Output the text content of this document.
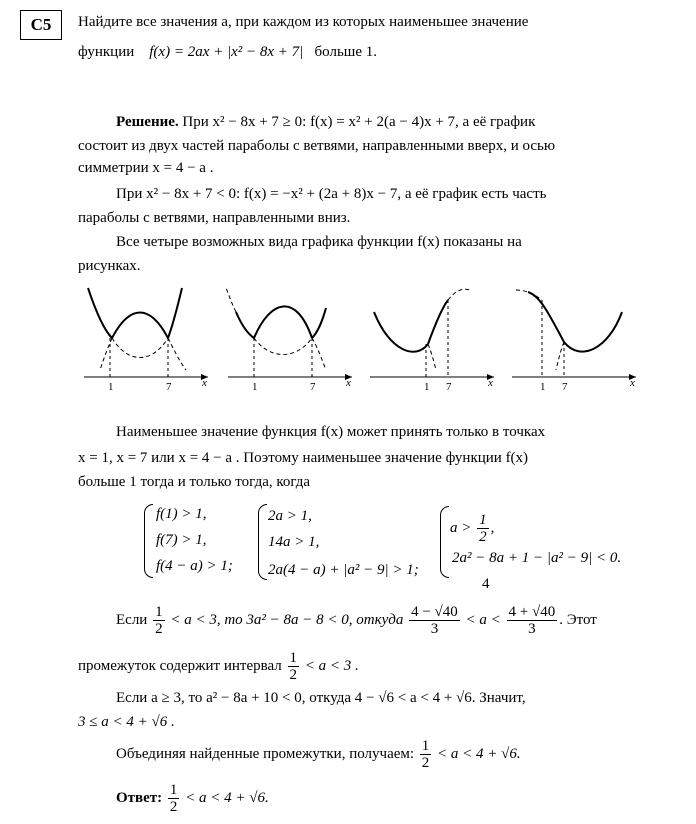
C5	Найдите все значения a, при каждом из которых наименьшее значение
функции f(x) = 2ax + |x² − 8x + 7| больше 1.
Решение. При x² − 8x + 7 ≥ 0: f(x) = x² + 2(a − 4)x + 7, а её график
состоит из двух частей параболы с ветвями, направленными вверх, и осью
симметрии x = 4 − a .
При x² − 8x + 7 < 0: f(x) = −x² + (2a + 8)x − 7, а её график есть часть
параболы с ветвями, направленными вниз.
Все четыре возможных вида графика функции f(x) показаны на
рисунках.
1	7	x	1	7	x	1 7	x	1 7	x
Наименьшее значение функция f(x) может принять только в точках
x = 1, x = 7 или x = 4 − a . Поэтому наименьшее значение функции f(x)
больше 1 тогда и только тогда, когда
f(1) > 1,
f(7) > 1,
f(4 − a) > 1;
2a > 1,
14a > 1,
2a(4 − a) + |a² − 9| > 1;
$a > \frac{1}{2}$ ,
2a² − 8a + 1 − |a² − 9| < 0.
4
Если $\frac{1}{2} < a < 3$, то 3a² − 8a − 8 < 0, откуда $\frac{4 - √40}{3} < a < \frac{4 + √40}{3}$ . Этот
промежуток содержит интервал $\frac{1}{2} < a < 3$ .
Если a ≥ 3, то a² − 8a + 10 < 0, откуда 4 − √6 < a < 4 + √6. Значит,
3 ≤ a < 4 + √6 .
Объединяя найденные промежутки, получаем: $\frac{1}{2} < a < 4 + √6$.
Ответ: $\frac{1}{2} < a < 4 + √6$.
